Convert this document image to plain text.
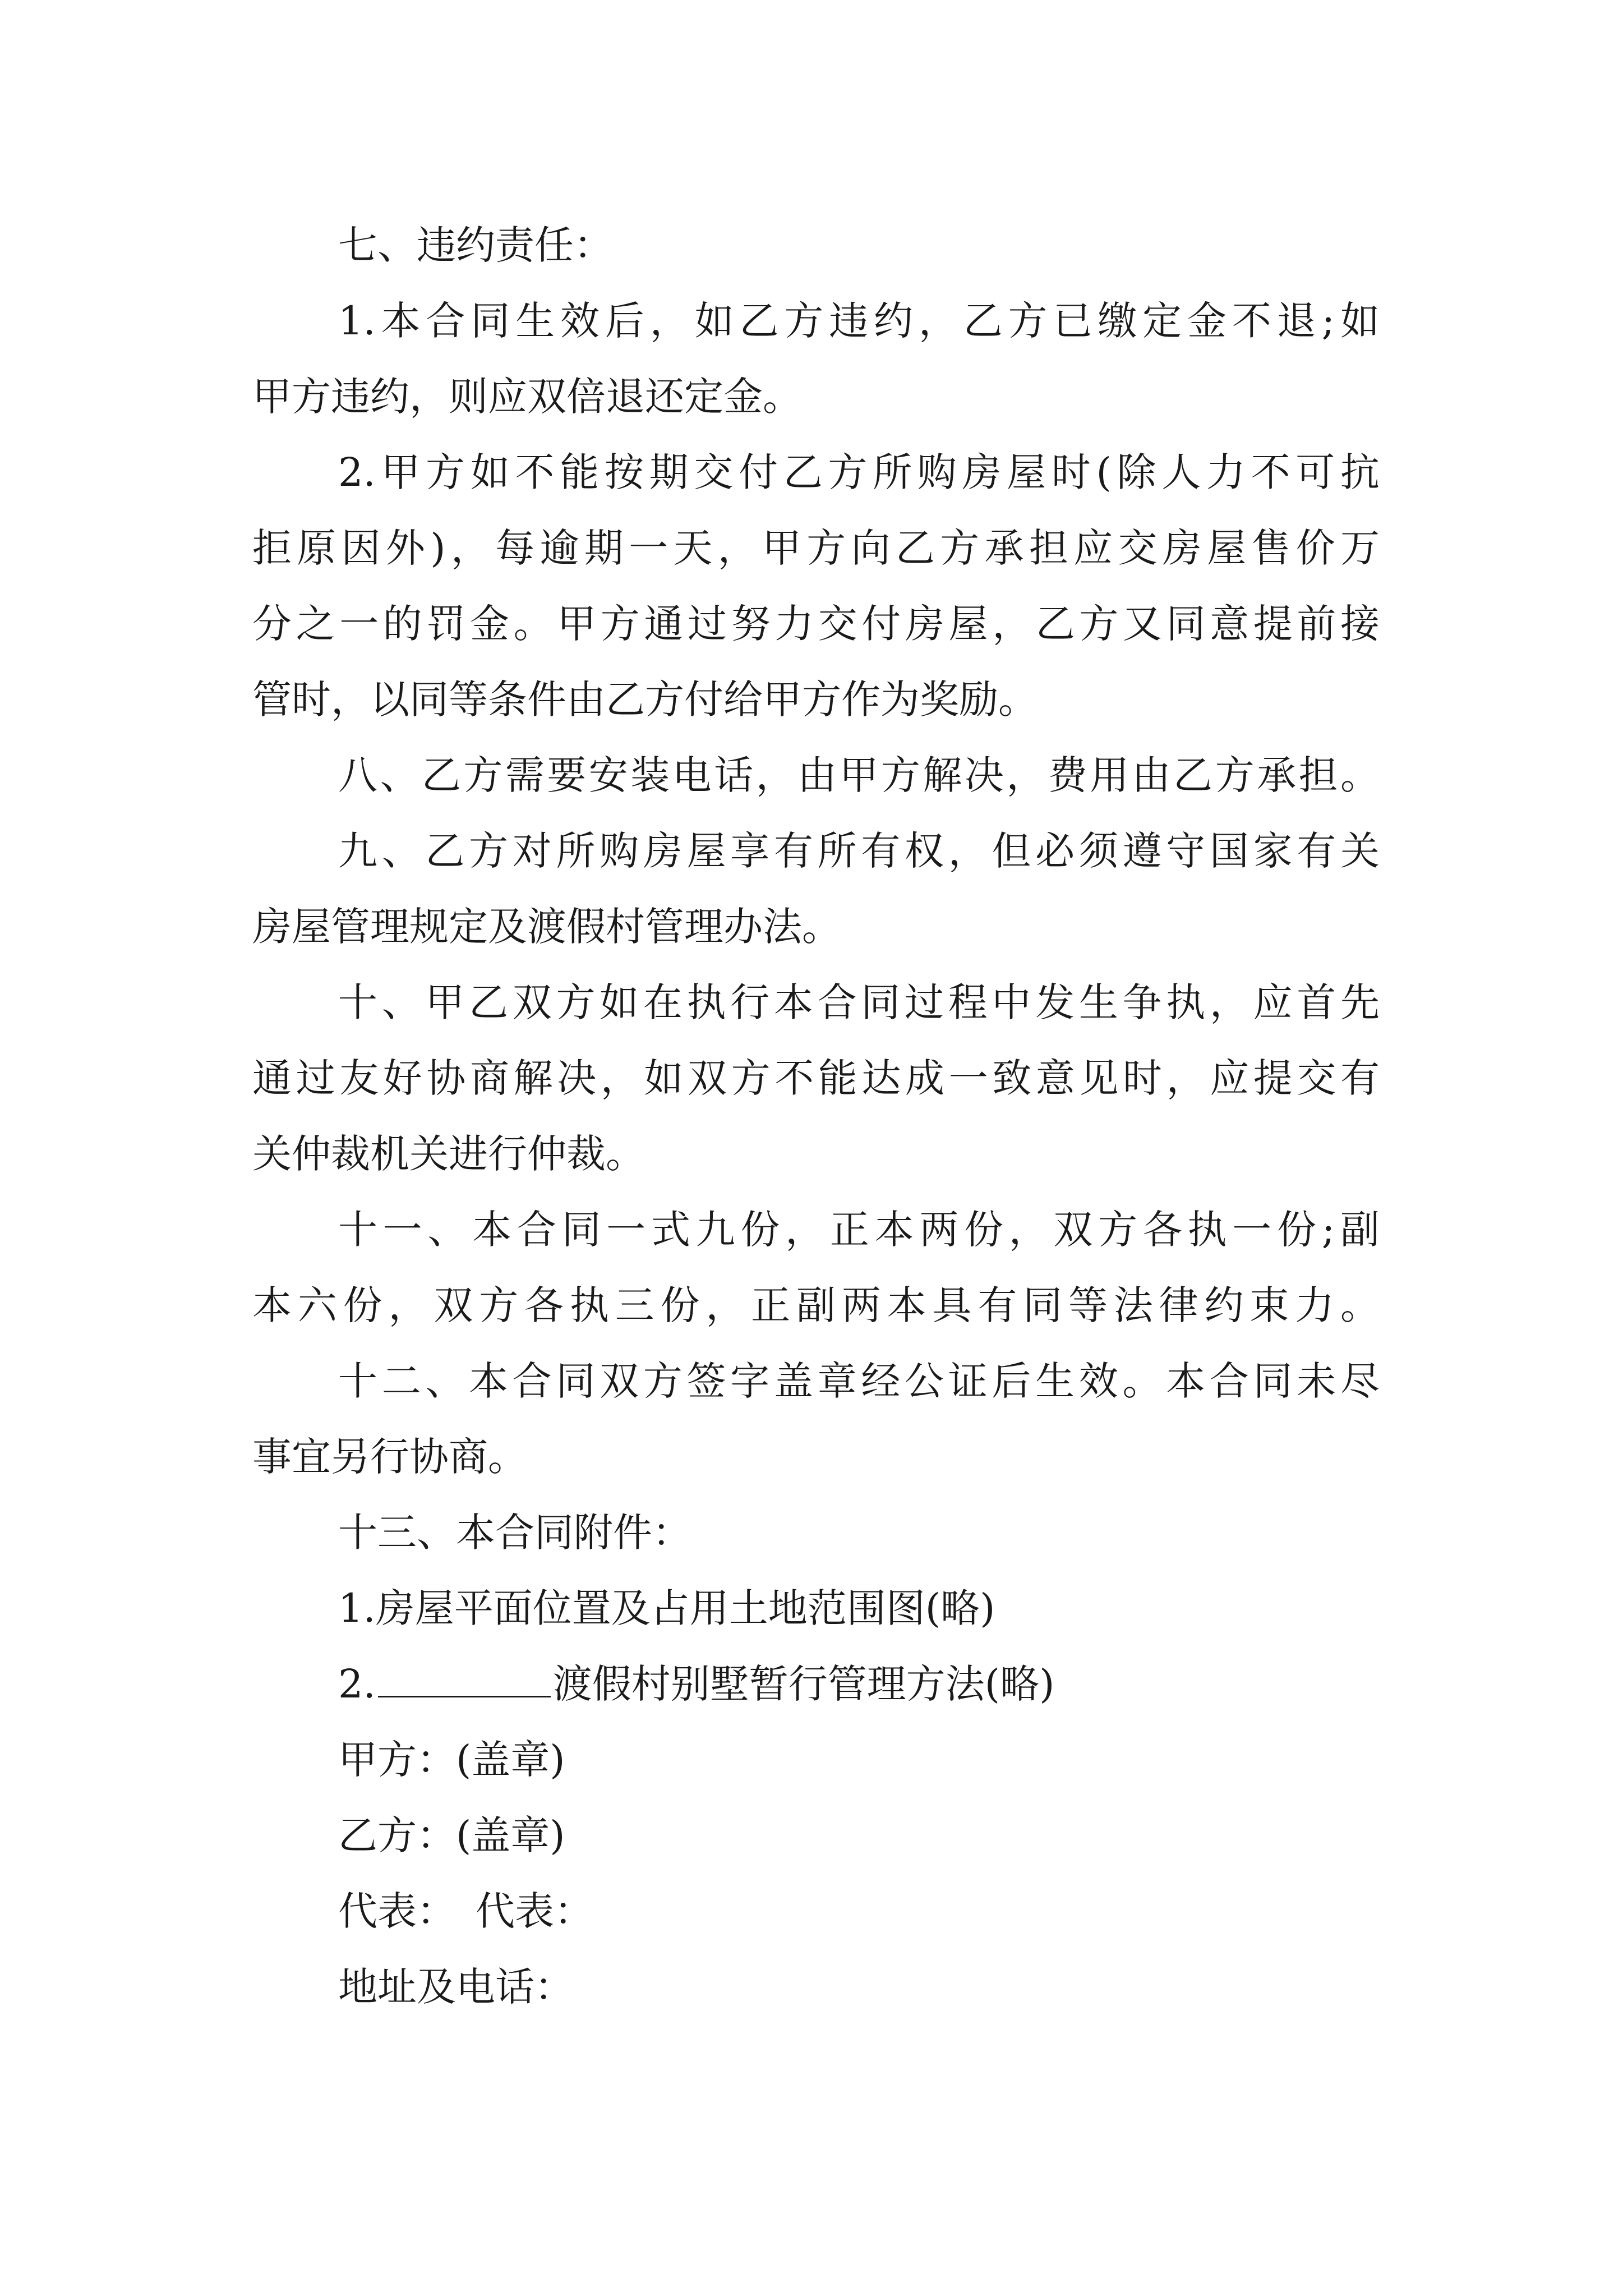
七、违约责任：
1.本合同生效后，如乙方违约，乙方已缴定金不退;如
甲方违约，则应双倍退还定金。
2.甲方如不能按期交付乙方所购房屋时(除人力不可抗
拒原因外)，每逾期一天，甲方向乙方承担应交房屋售价万
分之一的罚金。甲方通过努力交付房屋，乙方又同意提前接
管时，以同等条件由乙方付给甲方作为奖励。
八、乙方需要安装电话，由甲方解决，费用由乙方承担。
九、乙方对所购房屋享有所有权，但必须遵守国家有关
房屋管理规定及渡假村管理办法。
十、甲乙双方如在执行本合同过程中发生争执，应首先
通过友好协商解决，如双方不能达成一致意见时，应提交有
关仲裁机关进行仲裁。
十一、本合同一式九份，正本两份，双方各执一份;副
本六份，双方各执三份，正副两本具有同等法律约束力。
十二、本合同双方签字盖章经公证后生效。本合同未尽
事宜另行协商。
十三、本合同附件：
1.房屋平面位置及占用土地范围图(略)
2.	渡假村别墅暂行管理方法(略)
甲方：(盖章)
乙方：(盖章)
代表：　代表：
地址及电话：
